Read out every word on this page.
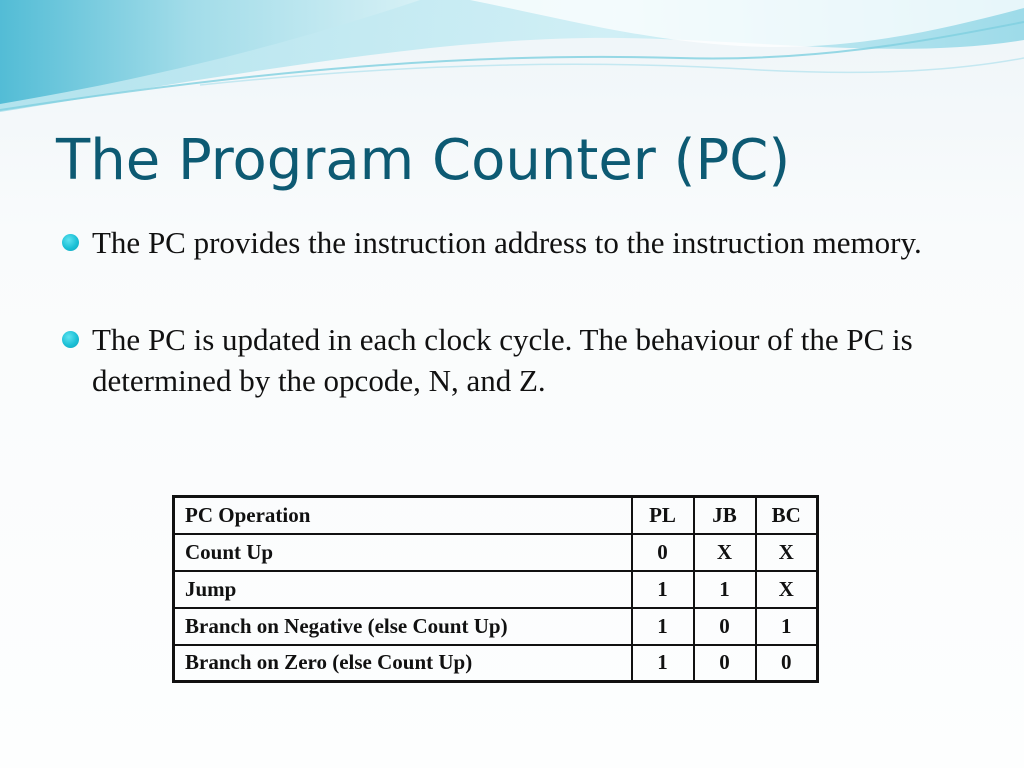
The Program Counter (PC)
The PC provides the instruction address to the instruction memory.
The PC is updated in each clock cycle. The behaviour of the PC is determined by the opcode, N, and Z.
PC Operation	PL	JB	BC
Count Up	0	X	X
Jump	1	1	X
Branch on Negative (else Count Up)	1	0	1
Branch on Zero (else Count Up)	1	0	0
